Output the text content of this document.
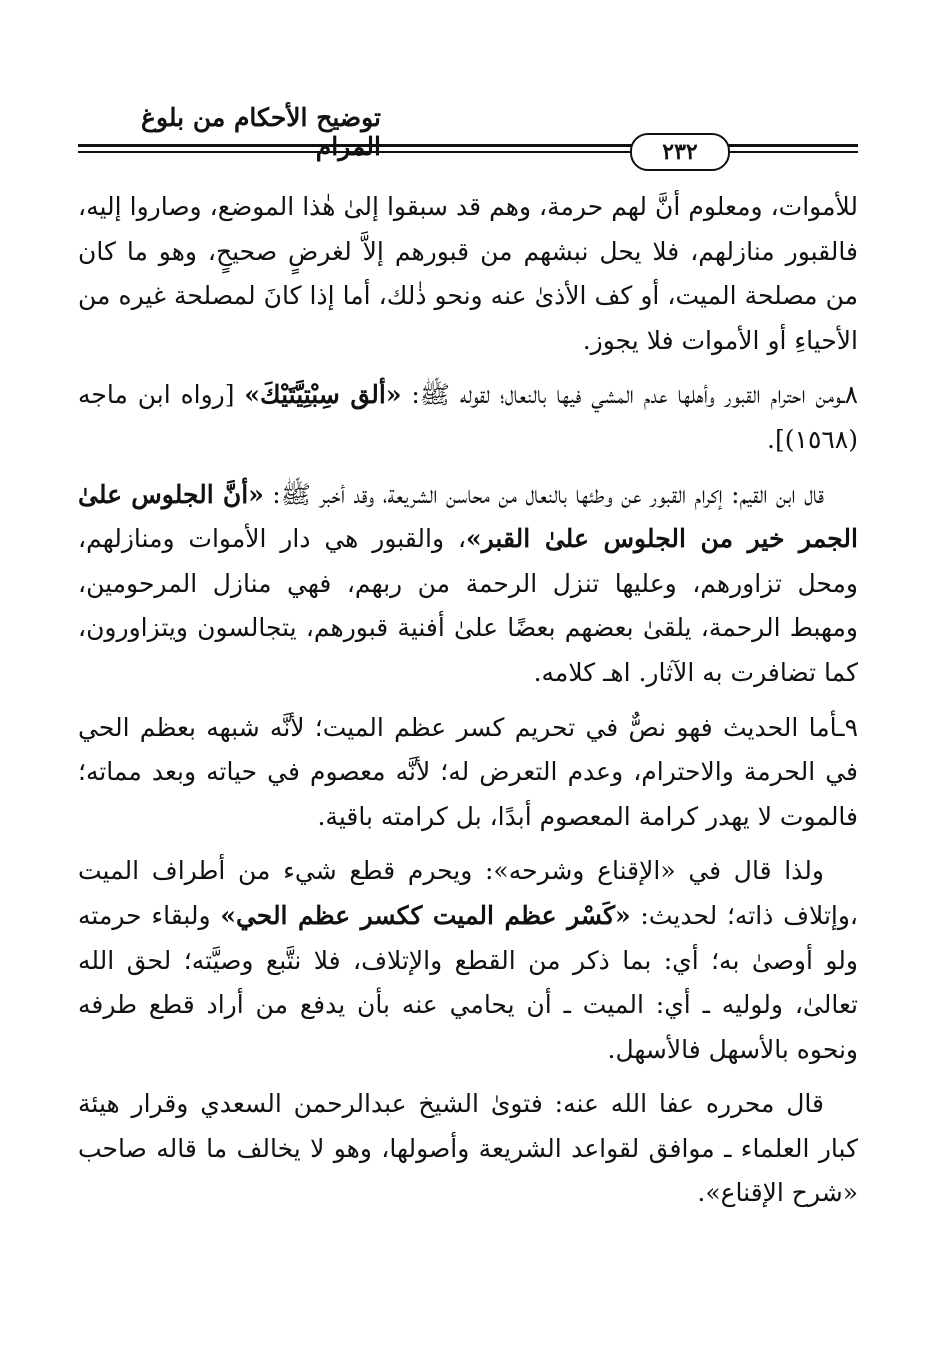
توضيح الأحكام من بلوغ المرام	٢٣٢

للأموات، ومعلوم أنَّ لهم حرمة، وهم قد سبقوا إلىٰ هٰذا الموضع، وصاروا إليه، فالقبور منازلهم، فلا يحل نبشهم من قبورهم إلاَّ لغرضٍ صحيحٍ، وهو ما كان من مصلحة الميت، أو كف الأذىٰ عنه ونحو ذٰلك، أما إذا كانَ لمصلحة غيره من الأحياءِ أو الأموات فلا يجوز.

٨ـومن احترام القبور وأهلها عدم المشي فيها بالنعال؛ لقوله ﷺ: «ألق سِبْتِيَّتَيْكَ» [رواه ابن ماجه (١٥٦٨)].

قال ابن القيم: إكرام القبور عن وطئها بالنعال من محاسن الشريعة، وقد أخبر ﷺ: «أنَّ الجلوس علىٰ الجمر خير من الجلوس علىٰ القبر»، والقبور هي دار الأموات ومنازلهم، ومحل تزاورهم، وعليها تنزل الرحمة من ربهم، فهي منازل المرحومين، ومهبط الرحمة، يلقىٰ بعضهم بعضًا علىٰ أفنية قبورهم، يتجالسون ويتزاورون، كما تضافرت به الآثار. اهـ كلامه.

٩ـأما الحديث فهو نصٌّ في تحريم كسر عظم الميت؛ لأنَّه شبهه بعظم الحي في الحرمة والاحترام، وعدم التعرض له؛ لأنَّه معصوم في حياته وبعد مماته؛ فالموت لا يهدر كرامة المعصوم أبدًا، بل كرامته باقية.

ولذا قال في «الإقناع وشرحه»: ويحرم قطع شيء من أطراف الميت ،وإتلاف ذاته؛ لحديث: «كَسْر عظم الميت ككسر عظم الحي» ولبقاء حرمته ولو أوصىٰ به؛ أي: بما ذكر من القطع والإتلاف، فلا نتَّبع وصيَّته؛ لحق الله تعالىٰ، ولوليه ـ أي: الميت ـ أن يحامي عنه بأن يدفع من أراد قطع طرفه ونحوه بالأسهل فالأسهل.

قال محرره عفا الله عنه: فتوىٰ الشيخ عبدالرحمن السعدي وقرار هيئة كبار العلماء ـ موافق لقواعد الشريعة وأصولها، وهو لا يخالف ما قاله صاحب «شرح الإقناع».
